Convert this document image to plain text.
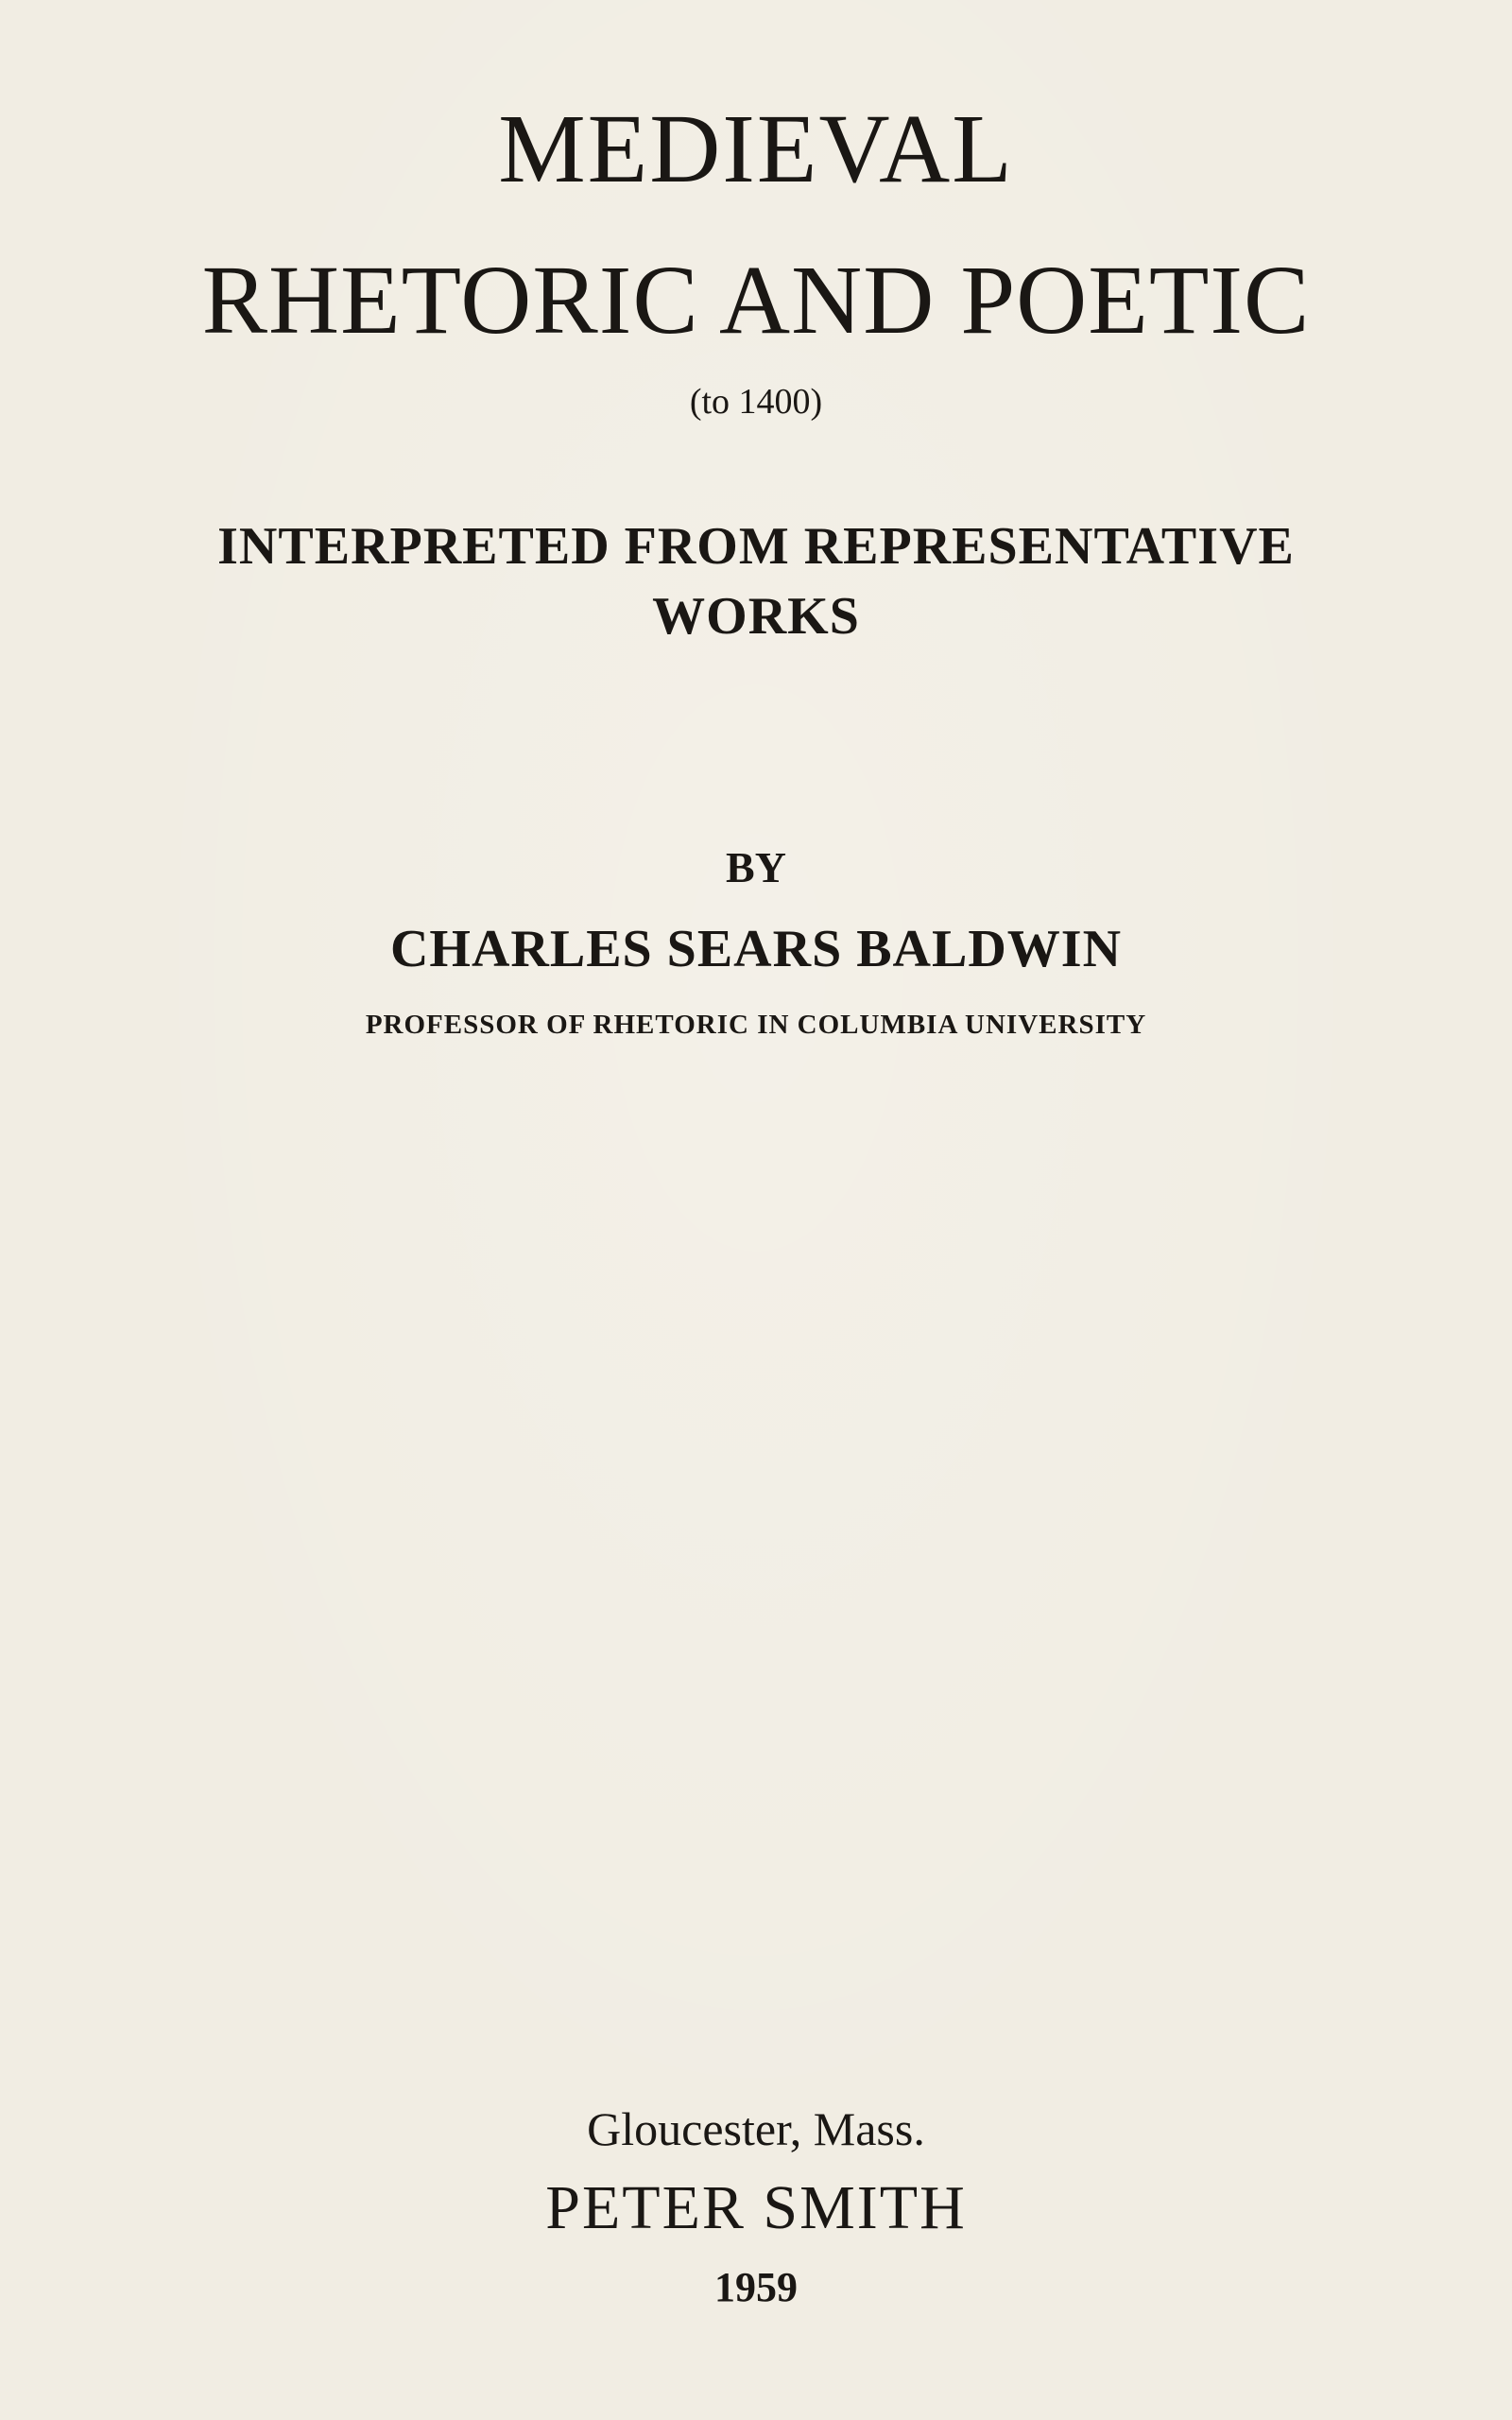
MEDIEVAL
RHETORIC AND POETIC
(to 1400)
INTERPRETED FROM REPRESENTATIVE
WORKS
BY
CHARLES SEARS BALDWIN
PROFESSOR OF RHETORIC IN COLUMBIA UNIVERSITY
Gloucester, Mass.
PETER SMITH
1959
